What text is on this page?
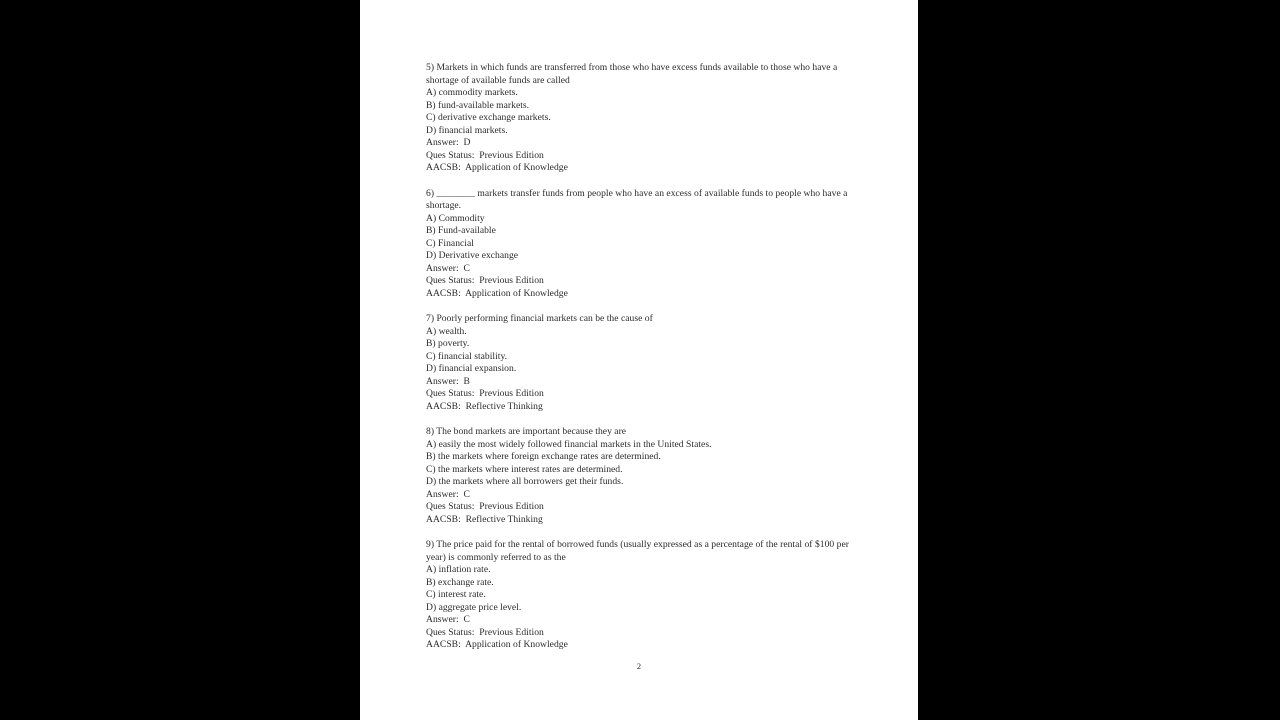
5) Markets in which funds are transferred from those who have excess funds available to those who have a shortage of available funds are called
A) commodity markets.
B) fund-available markets.
C) derivative exchange markets.
D) financial markets.
Answer:  D
Ques Status:  Previous Edition
AACSB:  Application of Knowledge
6) ________ markets transfer funds from people who have an excess of available funds to people who have a shortage.
A) Commodity
B) Fund-available
C) Financial
D) Derivative exchange
Answer:  C
Ques Status:  Previous Edition
AACSB:  Application of Knowledge
7) Poorly performing financial markets can be the cause of
A) wealth.
B) poverty.
C) financial stability.
D) financial expansion.
Answer:  B
Ques Status:  Previous Edition
AACSB:  Reflective Thinking
8) The bond markets are important because they are
A) easily the most widely followed financial markets in the United States.
B) the markets where foreign exchange rates are determined.
C) the markets where interest rates are determined.
D) the markets where all borrowers get their funds.
Answer:  C
Ques Status:  Previous Edition
AACSB:  Reflective Thinking
9) The price paid for the rental of borrowed funds (usually expressed as a percentage of the rental of $100 per year) is commonly referred to as the
A) inflation rate.
B) exchange rate.
C) interest rate.
D) aggregate price level.
Answer:  C
Ques Status:  Previous Edition
AACSB:  Application of Knowledge
2
